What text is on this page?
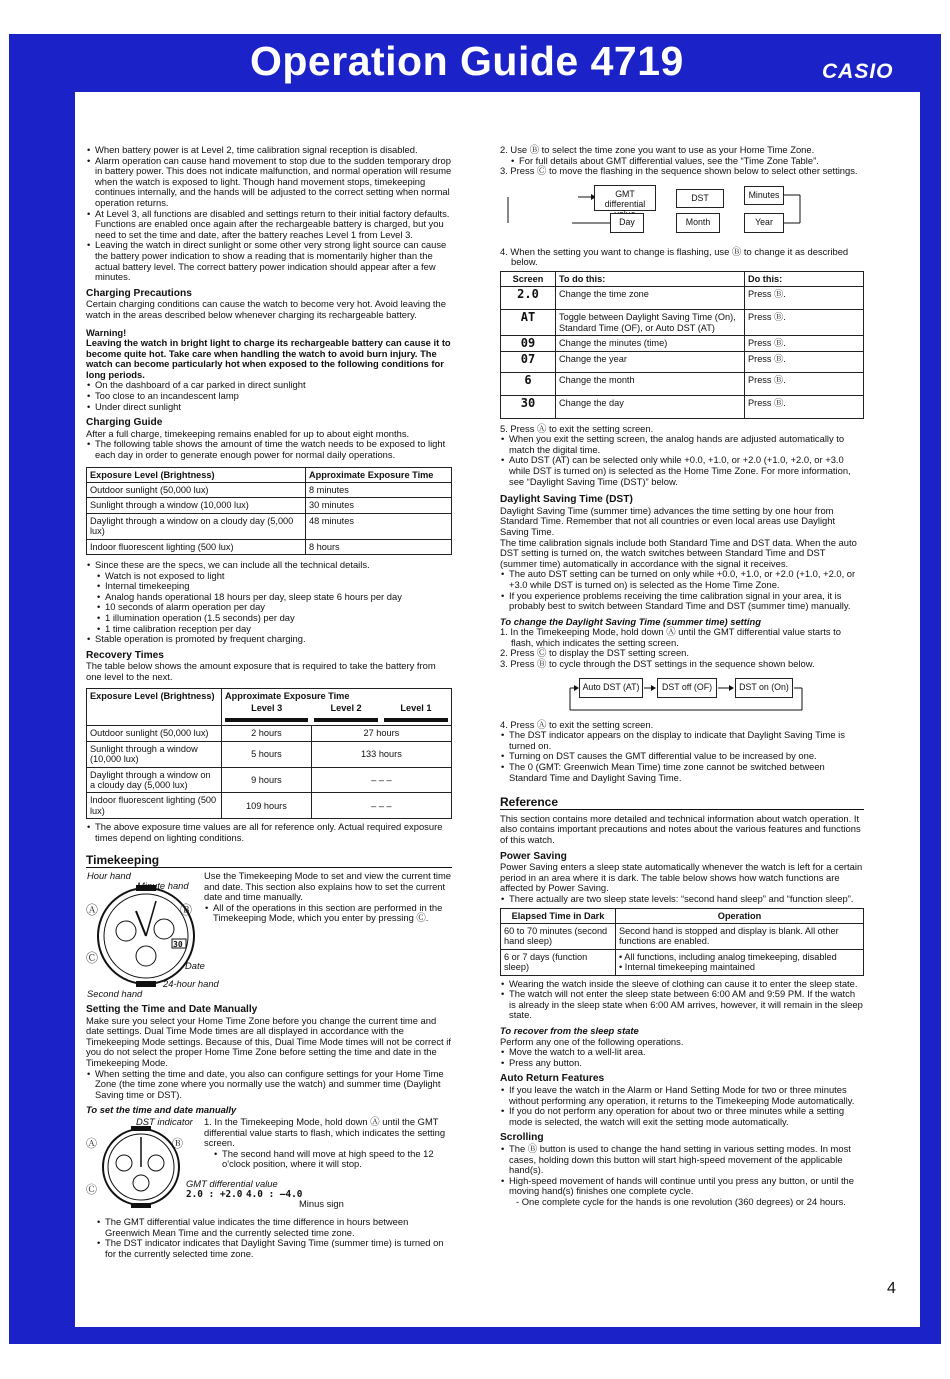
Operation Guide 4719	CASIO
• When battery power is at Level 2, time calibration signal reception is disabled.
• Alarm operation can cause hand movement to stop due to the sudden temporary drop in battery power. This does not indicate malfunction, and normal operation will resume when the watch is exposed to light. Though hand movement stops, timekeeping continues internally, and the hands will be adjusted to the correct setting when normal operation returns.
• At Level 3, all functions are disabled and settings return to their initial factory defaults. Functions are enabled once again after the rechargeable battery is charged, but you need to set the time and date, after the battery reaches Level 1 from Level 3.
• Leaving the watch in direct sunlight or some other very strong light source can cause the battery power indication to show a reading that is momentarily higher than the actual battery level. The correct battery power indication should appear after a few minutes.

Charging Precautions

Certain charging conditions can cause the watch to become very hot. Avoid leaving the watch in the areas described below whenever charging its rechargeable battery.

Warning!

Leaving the watch in bright light to charge its rechargeable battery can cause it to become quite hot. Take care when handling the watch to avoid burn injury. The watch can become particularly hot when exposed to the following conditions for long periods.

• On the dashboard of a car parked in direct sunlight
• Too close to an incandescent lamp
• Under direct sunlight

Charging Guide

After a full charge, timekeeping remains enabled for up to about eight months.

• The following table shows the amount of time the watch needs to be exposed to light each day in order to generate enough power for normal daily operations.
Exposure Level (Brightness)	Approximate Exposure Time
Outdoor sunlight (50,000 lux)	8 minutes
Sunlight through a window (10,000 lux)	30 minutes
Daylight through a window on a cloudy day (5,000 lux)	48 minutes
Indoor fluorescent lighting (500 lux)	8 hours
• Since these are the specs, we can include all the technical details.
• Watch is not exposed to light
• Internal timekeeping
• Analog hands operational 18 hours per day, sleep state 6 hours per day
• 10 seconds of alarm operation per day
• 1 illumination operation (1.5 seconds) per day
• 1 time calibration reception per day
• Stable operation is promoted by frequent charging.

Recovery Times

The table below shows the amount exposure that is required to take the battery from one level to the next.

Exposure Level (Brightness)	Approximate Exposure Time		
	Level 3	Level 2	Level 1

Outdoor sunlight (50,000 lux)	2 hours	27 hours	
Sunlight through a window (10,000 lux)	5 hours	133 hours	
Daylight through a window on a cloudy day (5,000 lux)	9 hours	– – –	
Indoor fluorescent lighting (500 lux)	109 hours	– – –	
• The above exposure time values are all for reference only. Actual required exposure times depend on lighting conditions.

Timekeeping

Hour hand
Minute hand
30
Ⓐ	Ⓑ
Ⓒ
Date
24-hour hand
Second hand

Use the Timekeeping Mode to set and view the current time and date. This section also explains how to set the current date and time manually.

• All of the operations in this section are performed in the Timekeeping Mode, which you enter by pressing Ⓒ.

Setting the Time and Date Manually

Make sure you select your Home Time Zone before you change the current time and date settings. Dual Time Mode times are all displayed in accordance with the Timekeeping Mode settings. Because of this, Dual Time Mode times will not be correct if you do not select the proper Home Time Zone before setting the time and date in the Timekeeping Mode.

• When setting the time and date, you also can configure settings for your Home Time Zone (the time zone where you normally use the watch) and summer time (Daylight Saving time or DST).

To set the time and date manually

Ⓐ	Ⓑ
Ⓒ
DST indicator
GMT differential value
2.0 : +2.0 4.0 : –4.0
Minus sign

1. In the Timekeeping Mode, hold down Ⓐ until the GMT differential value starts to flash, which indicates the setting screen.

• The second hand will move at high speed to the 12 o'clock position, where it will stop.
• The GMT differential value indicates the time difference in hours between Greenwich Mean Time and the currently selected time zone.
• The DST indicator indicates that Daylight Saving Time (summer time) is turned on for the currently selected time zone.

2. Use Ⓑ to select the time zone you want to use as your Home Time Zone.

• For full details about GMT differential values, see the “Time Zone Table”.

3. Press Ⓒ to move the flashing in the sequence shown below to select other settings.

GMT differential
DST	Minutes
Day	Month	Year

4. When the setting you want to change is flashing, use Ⓑ to change it as described below.

Screen	To do this:	Do this:
2.0	Change the time zone	Press Ⓑ.
AT	Toggle between Daylight Saving Time (On), Standard Time (OF), or Auto DST (AT)	Press Ⓑ.
09	Change the minutes (time)	Press Ⓑ.
07	Change the year	Press Ⓑ.
6	Change the month	Press Ⓑ.
30	Change the day	Press Ⓑ.

5. Press Ⓐ to exit the setting screen.

• When you exit the setting screen, the analog hands are adjusted automatically to match the digital time.
• Auto DST (AT) can be selected only while +0.0, +1.0, or +2.0 (+1.0, +2.0, or +3.0 while DST is turned on) is selected as the Home Time Zone. For more information, see “Daylight Saving Time (DST)” below.

Daylight Saving Time (DST)

Daylight Saving Time (summer time) advances the time setting by one hour from Standard Time. Remember that not all countries or even local areas use Daylight Saving Time.

The time calibration signals include both Standard Time and DST data. When the auto DST setting is turned on, the watch switches between Standard Time and DST (summer time) automatically in accordance with the signal it receives.

• The auto DST setting can be turned on only while +0.0, +1.0, or +2.0 (+1.0, +2.0, or +3.0 while DST is turned on) is selected as the Home Time Zone.
• If you experience problems receiving the time calibration signal in your area, it is probably best to switch between Standard Time and DST (summer time) manually.

To change the Daylight Saving Time (summer time) setting

1. In the Timekeeping Mode, hold down Ⓐ until the GMT differential value starts to flash, which indicates the setting screen.

2. Press Ⓒ to display the DST setting screen.

3. Press Ⓑ to cycle through the DST settings in the sequence shown below.

Auto DST (AT)	DST off (OF)	DST on (On)

4. Press Ⓐ to exit the setting screen.

• The DST indicator appears on the display to indicate that Daylight Saving Time is turned on.
• Turning on DST causes the GMT differential value to be increased by one.
• The 0 (GMT: Greenwich Mean Time) time zone cannot be switched between Standard Time and Daylight Saving Time.

Reference

This section contains more detailed and technical information about watch operation. It also contains important precautions and notes about the various features and functions of this watch.

Power Saving

Power Saving enters a sleep state automatically whenever the watch is left for a certain period in an area where it is dark. The table below shows how watch functions are affected by Power Saving.

• There actually are two sleep state levels: “second hand sleep” and “function sleep”.
Elapsed Time in Dark	Operation
60 to 70 minutes (second hand sleep)	Second hand is stopped and display is blank. All other functions are enabled.
6 or 7 days (function sleep)	• All functions, including analog timekeeping, disabled
• Internal timekeeping maintained
• Wearing the watch inside the sleeve of clothing can cause it to enter the sleep state.
• The watch will not enter the sleep state between 6:00 AM and 9:59 PM. If the watch is already in the sleep state when 6:00 AM arrives, however, it will remain in the sleep state.

To recover from the sleep state

Perform any one of the following operations.

• Move the watch to a well-lit area.
• Press any button.

Auto Return Features

• If you leave the watch in the Alarm or Hand Setting Mode for two or three minutes without performing any operation, it returns to the Timekeeping Mode automatically.
• If you do not perform any operation for about two or three minutes while a setting mode is selected, the watch will exit the setting mode automatically.

Scrolling

• The Ⓑ button is used to change the hand setting in various setting modes. In most cases, holding down this button will start high-speed movement of the applicable hand(s).
• High-speed movement of hands will continue until you press any button, or until the moving hand(s) finishes one complete cycle.

- One complete cycle for the hands is one revolution (360 degrees) or 24 hours.

4
